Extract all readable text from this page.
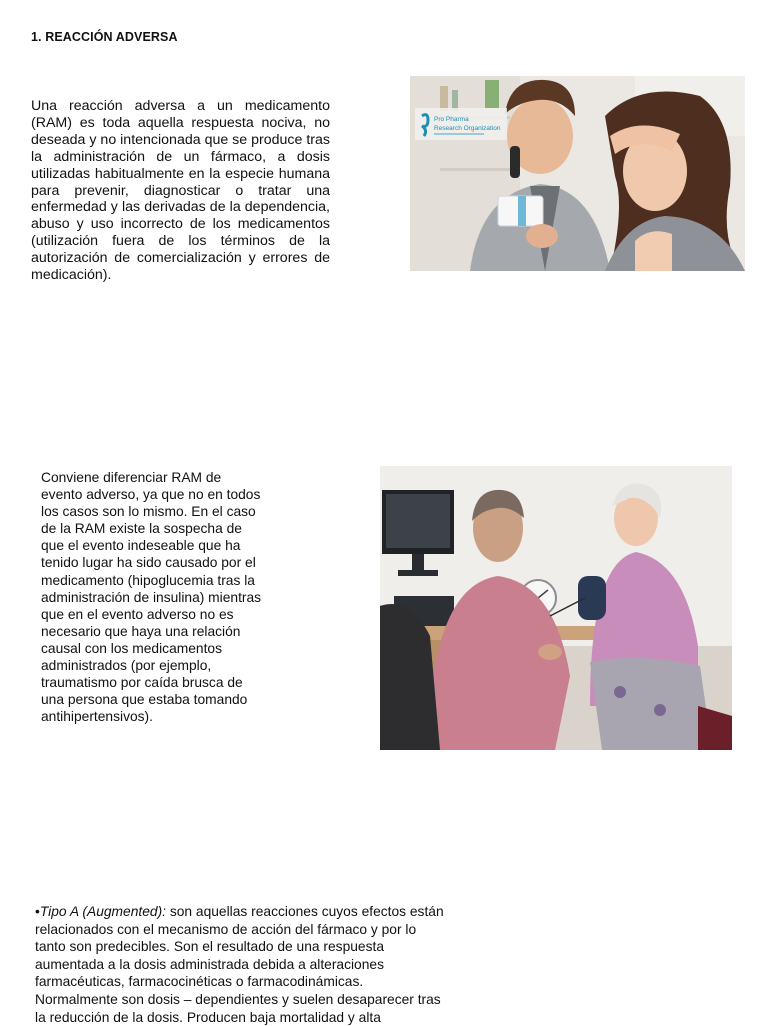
1. REACCIÓN ADVERSA
Una reacción adversa a un medicamento (RAM) es toda aquella respuesta nociva, no deseada y no intencionada que se produce tras la administración de un fármaco, a dosis utilizadas habitualmente en la especie humana para prevenir, diagnosticar o tratar una enfermedad y las derivadas de la dependencia, abuso y uso incorrecto de los medicamentos (utilización fuera de los términos de la autorización de comercialización y errores de medicación).
Pro Pharma
Research Organization
Conviene diferenciar RAM de evento adverso, ya que no en todos los casos son lo mismo. En el caso de la RAM existe la sospecha de que el evento indeseable que ha tenido lugar ha sido causado por el medicamento (hipoglucemia tras la administración de insulina) mientras que en el evento adverso no es necesario que haya una relación causal con los medicamentos administrados (por ejemplo, traumatismo por caída brusca de una persona que estaba tomando antihipertensivos).
•Tipo A (Augmented): son aquellas reacciones cuyos efectos están relacionados con el mecanismo de acción del fármaco y por lo tanto son predecibles. Son el resultado de una respuesta aumentada a la dosis administrada debida a alteraciones farmacéuticas, farmacocinéticas o farmacodinámicas. Normalmente son dosis – dependientes y suelen desaparecer tras la reducción de la dosis. Producen baja mortalidad y alta
